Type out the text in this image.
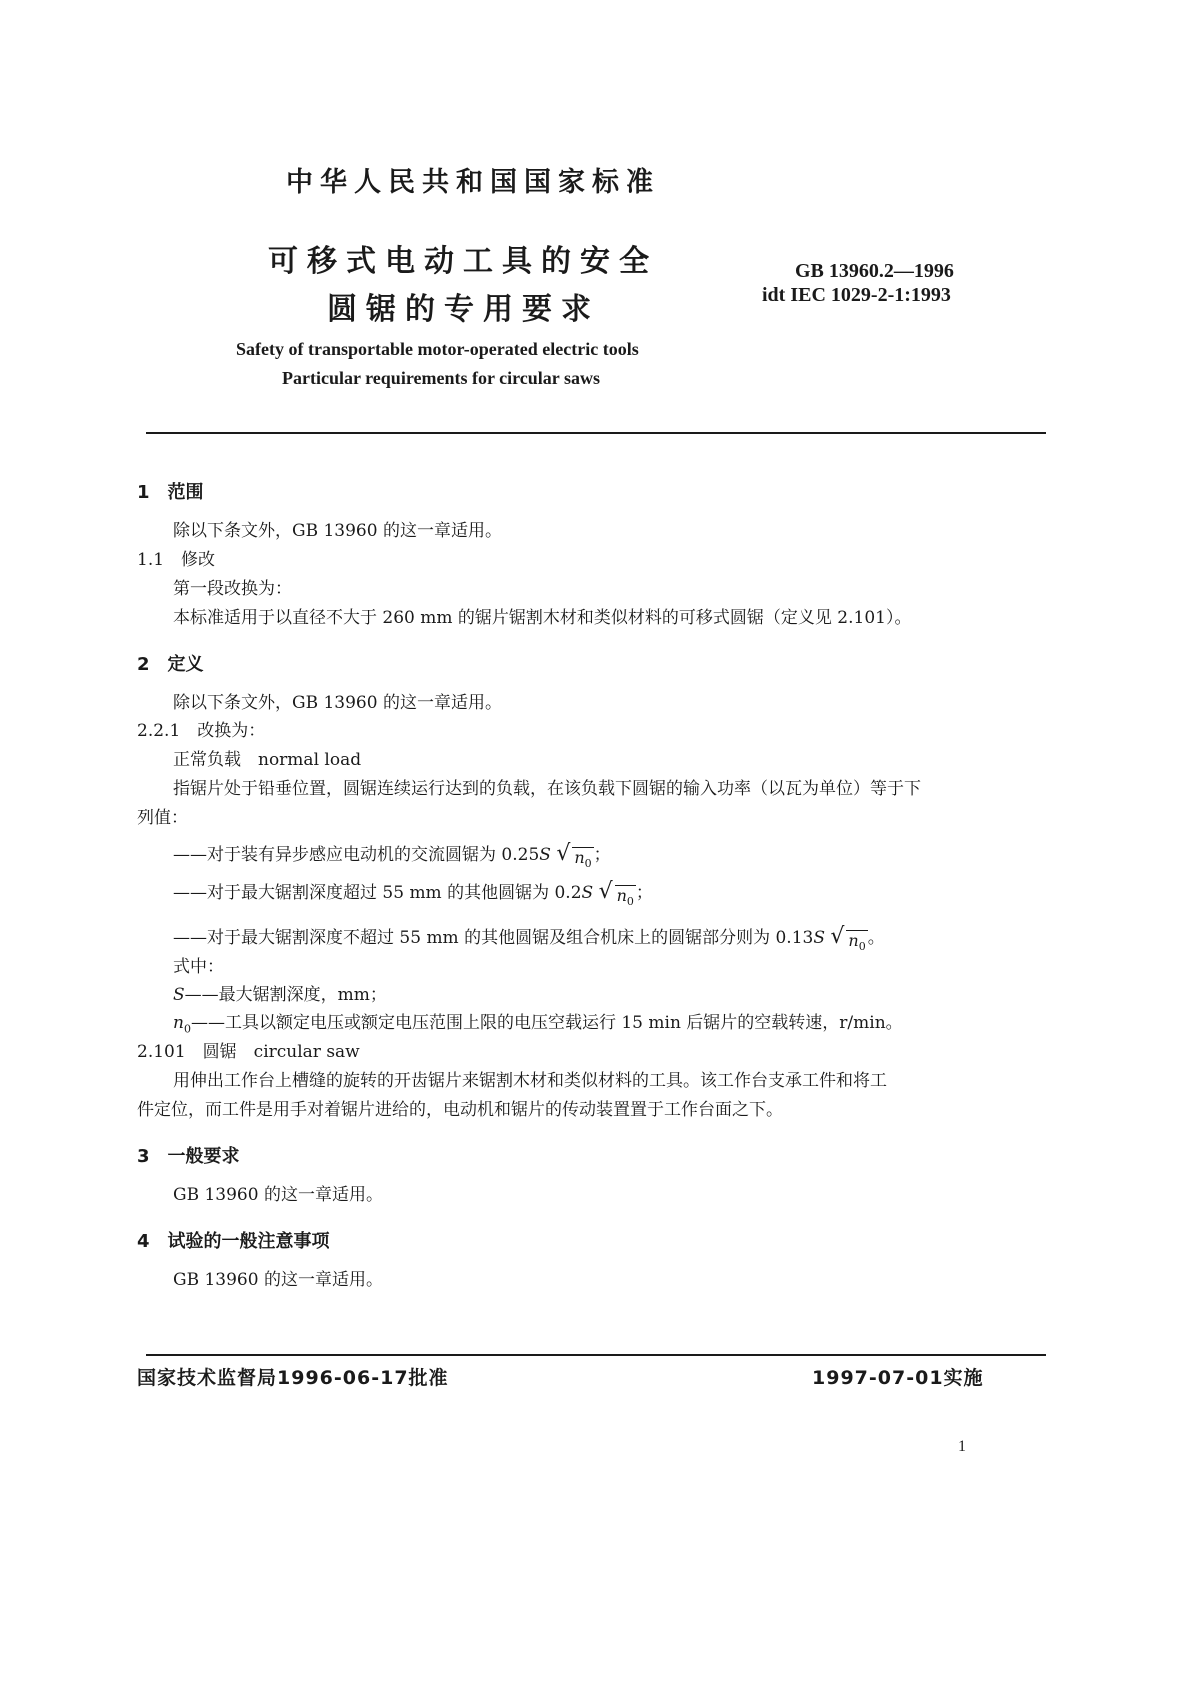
中华人民共和国国家标准
可移式电动工具的安全
圆锯的专用要求
GB 13960.2—1996
idt IEC 1029-2-1:1993
Safety of transportable motor-operated electric tools
Particular requirements for circular saws
1　范围
除以下条文外，GB 13960 的这一章适用。
1.1　修改
第一段改换为：
本标准适用于以直径不大于 260 mm 的锯片锯割木材和类似材料的可移式圆锯（定义见 2.101）。
2　定义
除以下条文外，GB 13960 的这一章适用。
2.2.1　改换为：
正常负载　normal load
指锯片处于铅垂位置，圆锯连续运行达到的负载，在该负载下圆锯的输入功率（以瓦为单位）等于下
列值：
——对于装有异步感应电动机的交流圆锯为 0.25S √ $n_0$ ；
——对于最大锯割深度超过 55 mm 的其他圆锯为 0.2S √ $n_0$ ；
——对于最大锯割深度不超过 55 mm 的其他圆锯及组合机床上的圆锯部分则为 0.13S √ $n_0$ 。
式中：
S——最大锯割深度，mm；
$n_0——$工具以额定电压或额定电压范围上限的电压空载运行 15 min 后锯片的空载转速，r/min。
2.101　圆锯　circular saw
用伸出工作台上槽缝的旋转的开齿锯片来锯割木材和类似材料的工具。该工作台支承工件和将工
件定位，而工件是用手对着锯片进给的，电动机和锯片的传动装置置于工作台面之下。
3　一般要求
GB 13960 的这一章适用。
4　试验的一般注意事项
GB 13960 的这一章适用。
国家技术监督局1996-06-17批准	1997-07-01实施
1
